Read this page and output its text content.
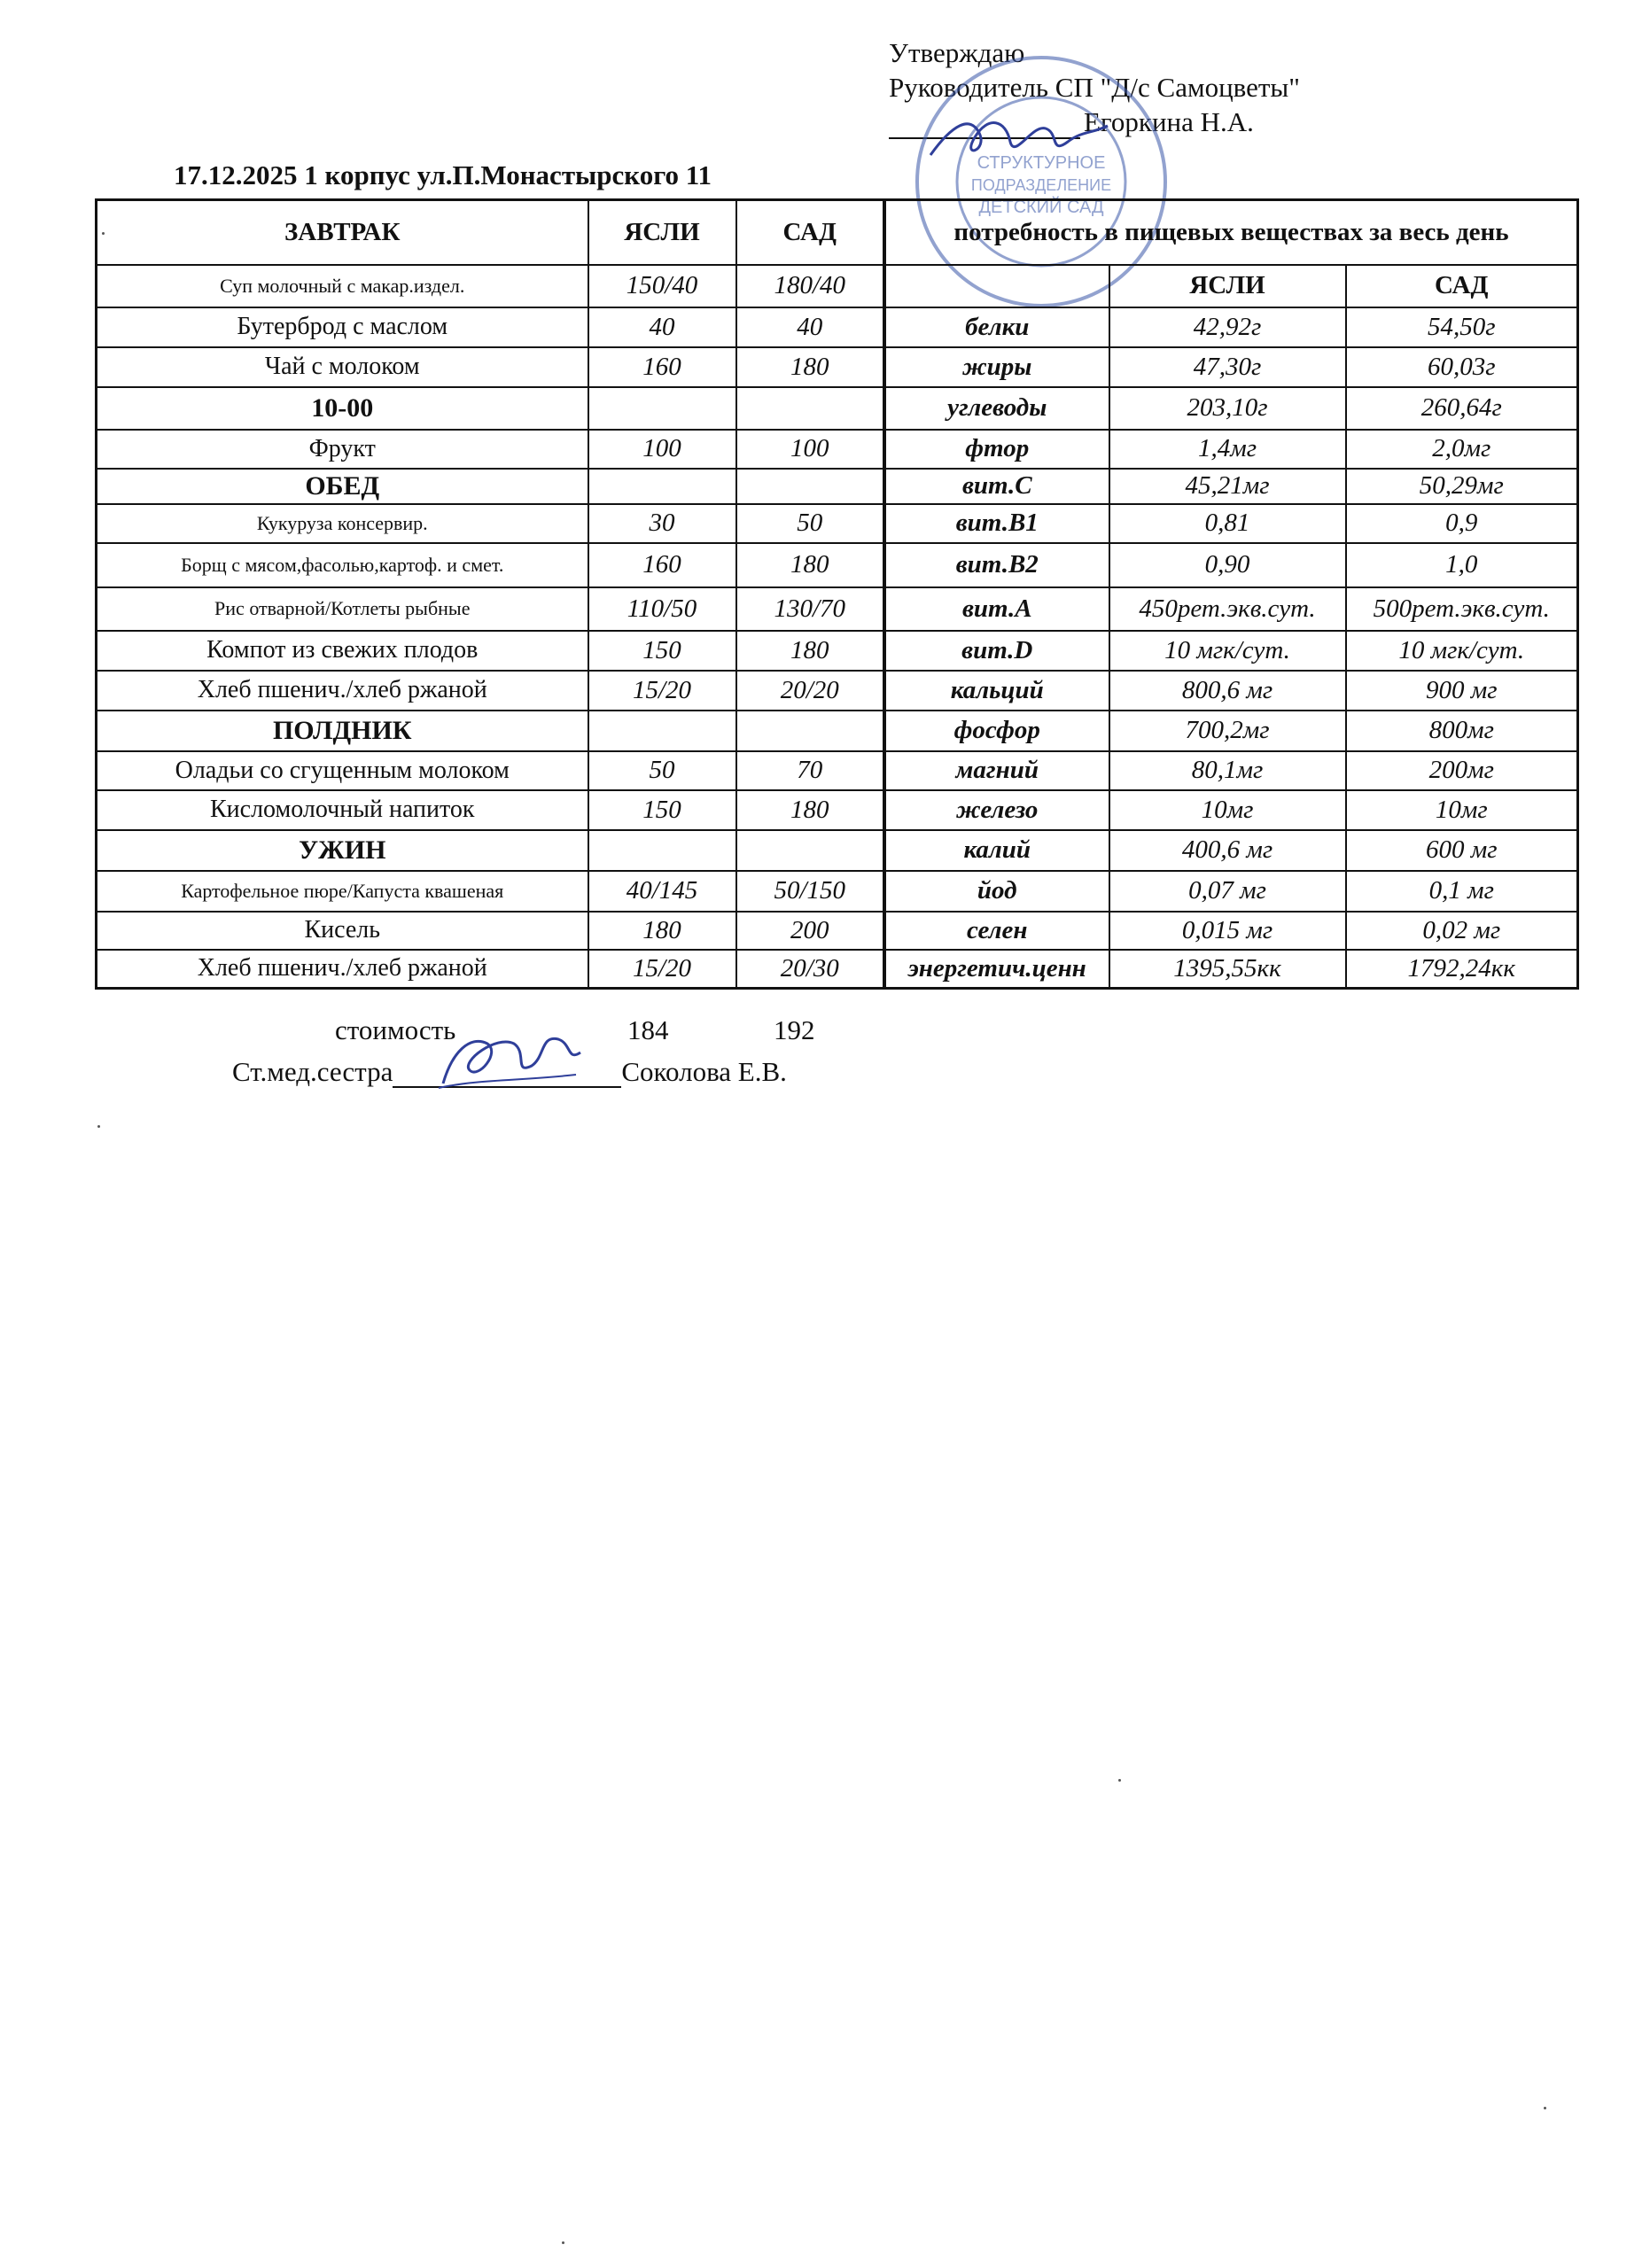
Утверждаю
Руководитель СП "Д/с Самоцветы"
Егоркина Н.А.
СТРУКТУРНОЕ
ПОДРАЗДЕЛЕНИЕ
ДЕТСКИЙ САД
17.12.2025 1 корпус ул.П.Монастырского 11
ЗАВТРАК	ЯСЛИ	САД
Суп молочный с макар.издел.	150/40	180/40
Бутерброд с маслом	40	40
Чай с молоком	160	180
10-00		
Фрукт	100	100
ОБЕД		
Кукуруза консервир.	30	50
Борщ с мясом,фасолью,картоф. и смет.	160	180
Рис отварной/Котлеты рыбные	110/50	130/70
Компот из свежих плодов	150	180
Хлеб пшенич./хлеб ржаной	15/20	20/20
ПОЛДНИК		
Оладьи со сгущенным молоком	50	70
Кисломолочный напиток	150	180
УЖИН		
Картофельное пюре/Капуста квашеная	40/145	50/150
Кисель	180	200
Хлеб пшенич./хлеб ржаной	15/20	20/30
потребность в пищевых веществах за весь день		
	ЯСЛИ	САД
белки	42,92г	54,50г
жиры	47,30г	60,03г
углеводы	203,10г	260,64г
фтор	1,4мг	2,0мг
вит.С	45,21мг	50,29мг
вит.В1	0,81	0,9
вит.В2	0,90	1,0
вит.А	450рет.экв.сут.	500рет.экв.сут.
вит.D	10 мгк/сут.	10 мгк/сут.
кальций	800,6 мг	900 мг
фосфор	700,2мг	800мг
магний	80,1мг	200мг
железо	10мг	10мг
калий	400,6 мг	600 мг
йод	0,07 мг	0,1 мг
селен	0,015 мг	0,02 мг
энергетич.ценн	1395,55кк	1792,24кк
стоимость	184	192
Ст.мед.сестра	Соколова Е.В.
